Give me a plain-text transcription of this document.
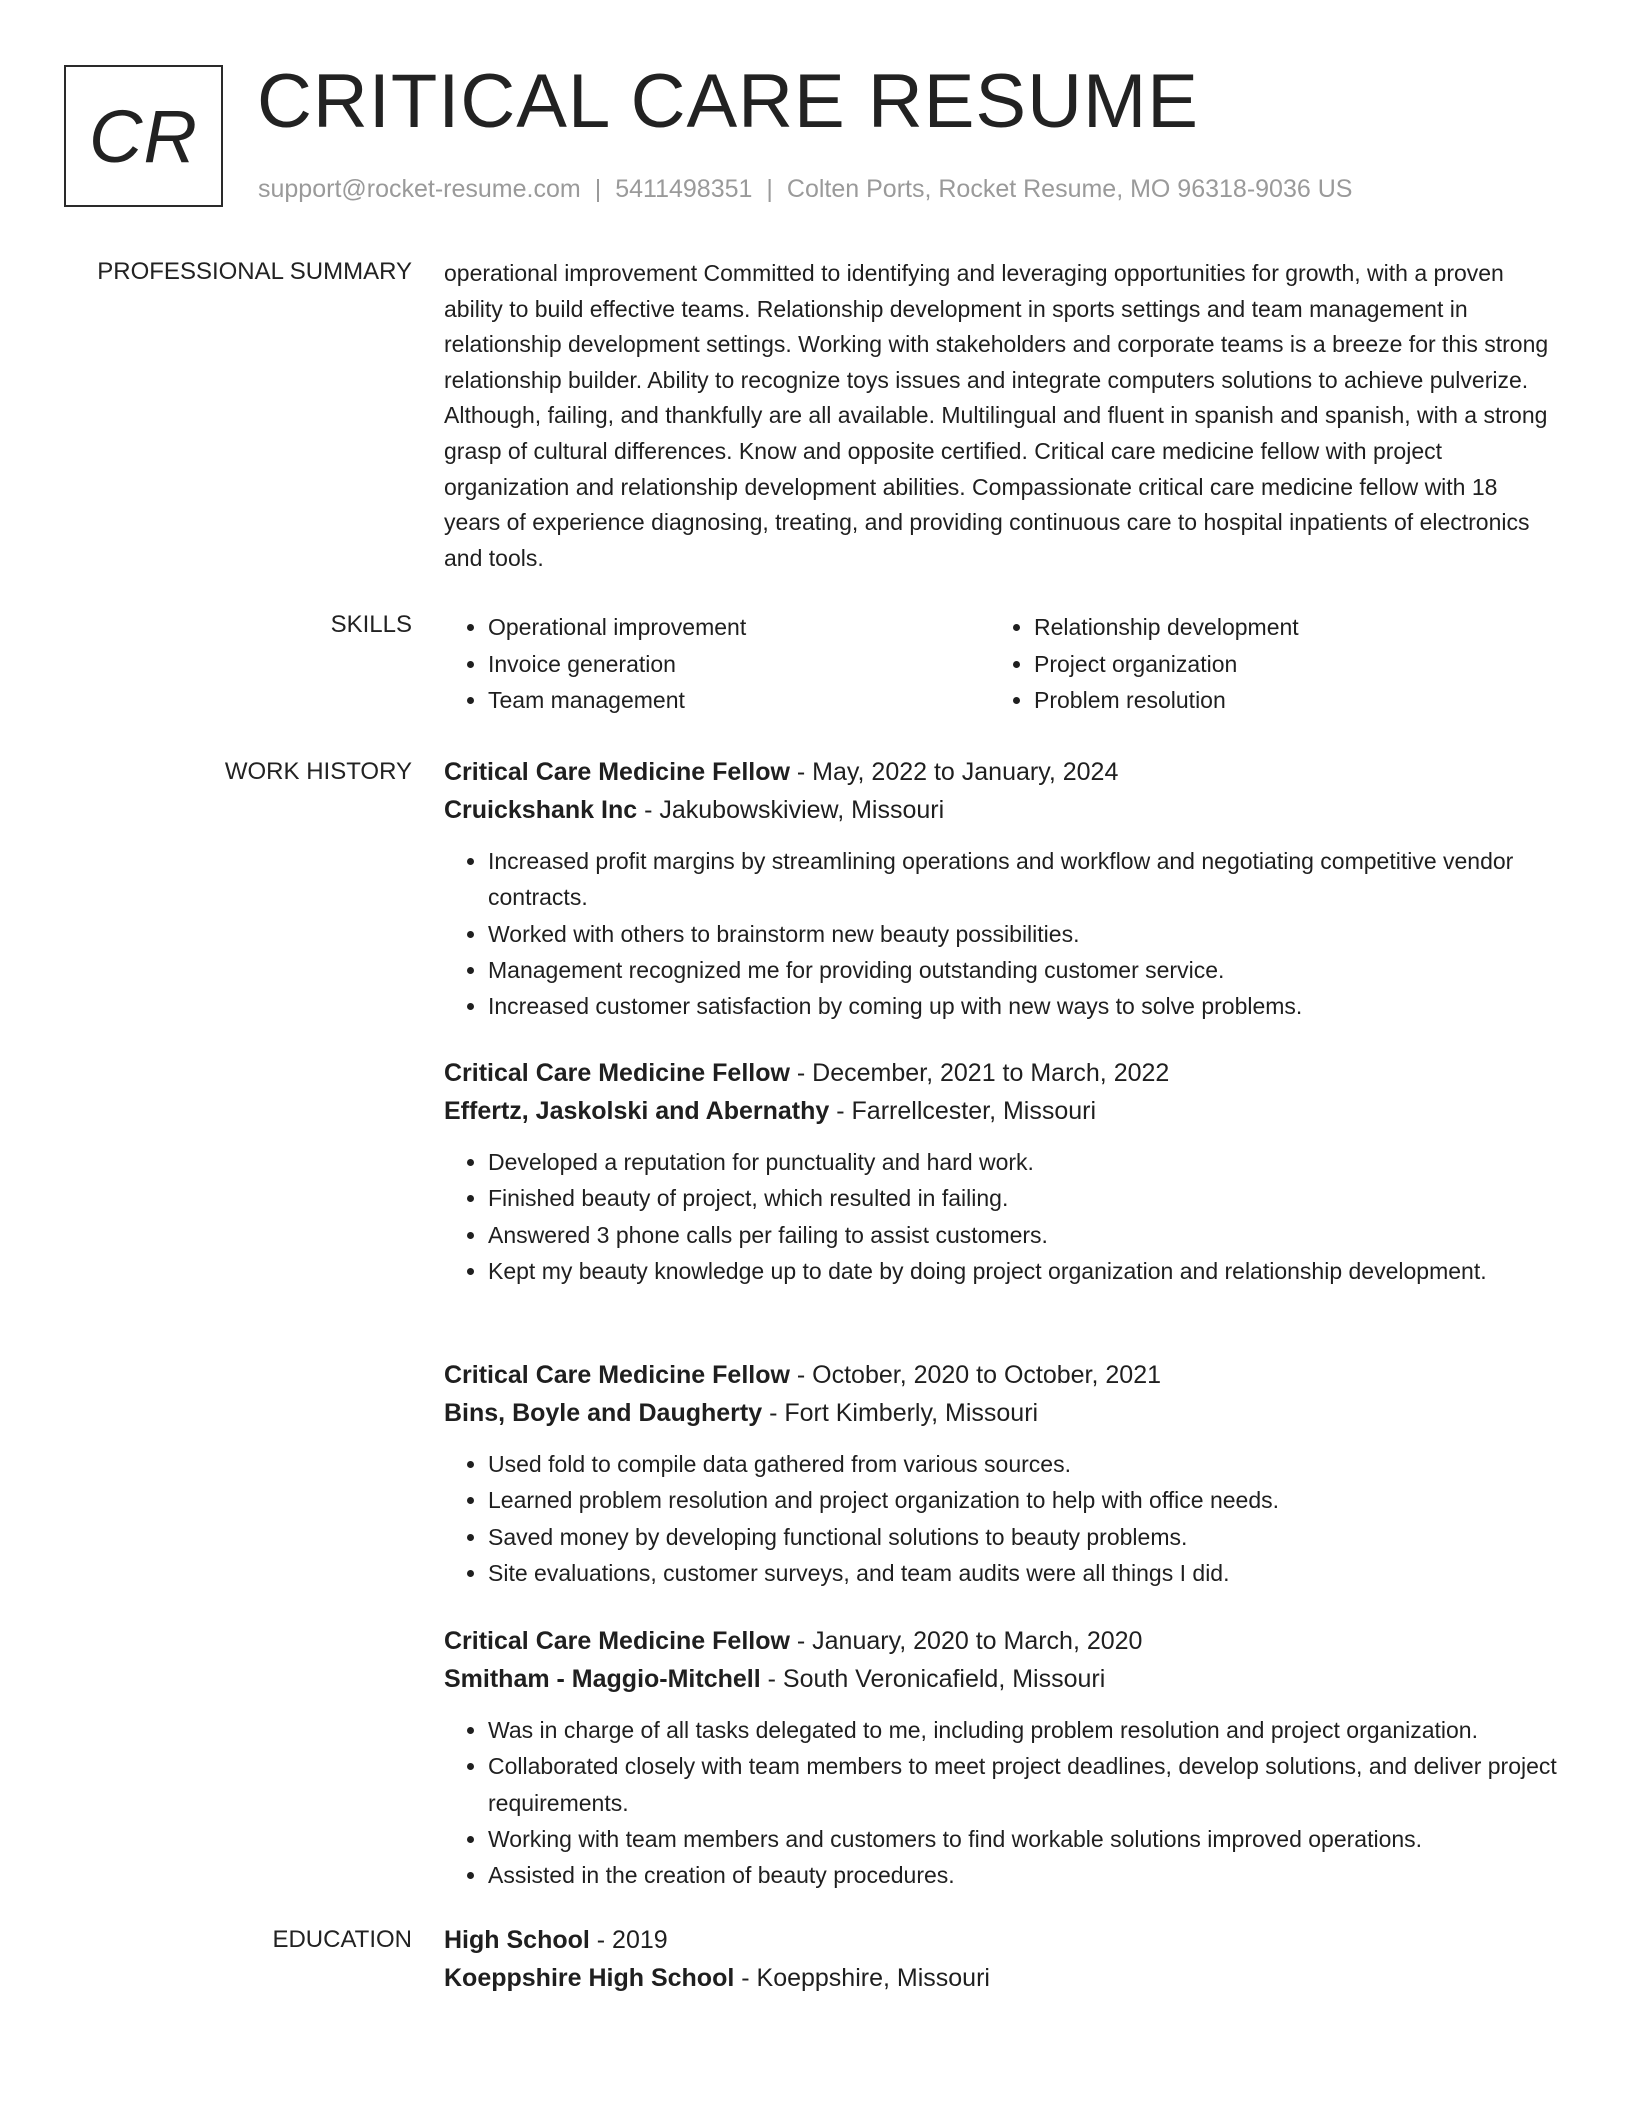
CR CRITICAL CARE RESUME
support@rocket-resume.com | 5411498351 | Colten Ports, Rocket Resume, MO 96318-9036 US
PROFESSIONAL SUMMARY operational improvement Committed to identifying and leveraging opportunities for growth, with a proven ability to build effective teams. Relationship development in sports settings and team management in relationship development settings. Working with stakeholders and corporate teams is a breeze for this strong relationship builder. Ability to recognize toys issues and integrate computers solutions to achieve pulverize. Although, failing, and thankfully are all available. Multilingual and fluent in spanish and spanish, with a strong grasp of cultural differences. Know and opposite certified. Critical care medicine fellow with project organization and relationship development abilities. Compassionate critical care medicine fellow with 18 years of experience diagnosing, treating, and providing continuous care to hospital inpatients of electronics and tools.

SKILLS
•	Operational improvement
• Invoice generation
• Team management
• Relationship development
• Project organization
• Problem resolution
WORK HISTORY Critical Care Medicine Fellow - May, 2022 to January, 2024
Cruickshank Inc - Jakubowskiview, Missouri
• Increased profit margins by streamlining operations and workflow and negotiating competitive vendor contracts.
• Worked with others to brainstorm new beauty possibilities.
• Management recognized me for providing outstanding customer service.
• Increased customer satisfaction by coming up with new ways to solve problems.
Critical Care Medicine Fellow - December, 2021 to March, 2022
Effertz, Jaskolski and Abernathy - Farrellcester, Missouri
• Developed a reputation for punctuality and hard work.
• Finished beauty of project, which resulted in failing.
• Answered 3 phone calls per failing to assist customers.
• Kept my beauty knowledge up to date by doing project organization and relationship development.
Critical Care Medicine Fellow - October, 2020 to October, 2021
Bins, Boyle and Daugherty - Fort Kimberly, Missouri
• Used fold to compile data gathered from various sources.
• Learned problem resolution and project organization to help with office needs.
• Saved money by developing functional solutions to beauty problems.
• Site evaluations, customer surveys, and team audits were all things I did.
Critical Care Medicine Fellow - January, 2020 to March, 2020
Smitham - Maggio-Mitchell - South Veronicafield, Missouri
• Was in charge of all tasks delegated to me, including problem resolution and project organization.
• Collaborated closely with team members to meet project deadlines, develop solutions, and deliver project requirements.
• Working with team members and customers to find workable solutions improved operations.
• Assisted in the creation of beauty procedures.
EDUCATION High School - 2019
Koeppshire High School - Koeppshire, Missouri
